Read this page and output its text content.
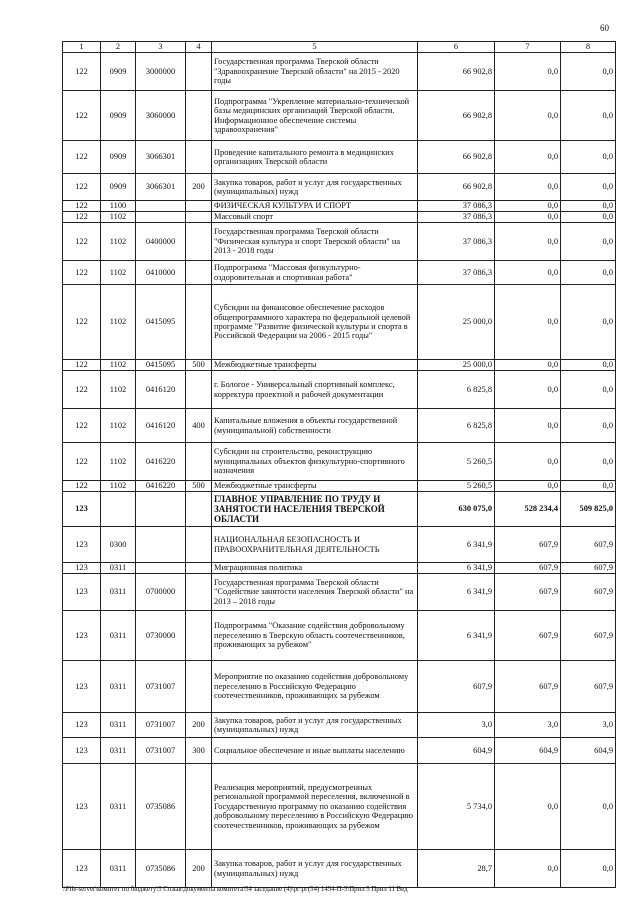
60
1	2	3	4	5	6	7	8
122	0909	3000000		Государственная программа Тверской области "Здравоохранение Тверской области" на 2015 - 2020 годы	66 902,8	0,0	0,0
122	0909	3060000		Подпрограмма "Укрепление материально-технической базы медицинских организаций Тверской области. Информационное обеспечение системы здравоохранения"	66 902,8	0,0	0,0
122	0909	3066301		Проведение капитального ремонта в медицинских организациях Тверской области	66 902,8	0,0	0,0
122	0909	3066301	200	Закупка товаров, работ и услуг для государственных (муниципальных) нужд	66 902,8	0,0	0,0
122	1100			ФИЗИЧЕСКАЯ КУЛЬТУРА И СПОРТ	37 086,3	0,0	0,0
122	1102			Массовый спорт	37 086,3	0,0	0,0
122	1102	0400000		Государственная программа Тверской области "Физическая культура и спорт Тверской области" на 2013 - 2018 годы	37 086,3	0,0	0,0
122	1102	0410000		Подпрограмма "Массовая физкультурно-оздоровительная и спортивная работа"	37 086,3	0,0	0,0
122	1102	0415095		Субсидии на финансовое обеспечение расходов общепрограммного характера по федеральной целевой программе "Развитие физической культуры и спорта в Российской Федерации на 2006 - 2015 годы"	25 000,0	0,0	0,0
122	1102	0415095	500	Межбюджетные трансферты	25 000,0	0,0	0,0
122	1102	0416120		г. Бологое - Универсальный спортивный комплекс, корректура проектной и рабочей документации	6 825,8	0,0	0,0
122	1102	0416120	400	Капитальные вложения в объекты государственной (муниципальной) собственности	6 825,8	0,0	0,0
122	1102	0416220		Субсидии на строительство, реконструкцию муниципальных объектов физкультурно-спортивного назначения	5 260,5	0,0	0,0
122	1102	0416220	500	Межбюджетные трансферты	5 260,5	0,0	0,0
123				ГЛАВНОЕ УПРАВЛЕНИЕ ПО ТРУДУ И ЗАНЯТОСТИ НАСЕЛЕНИЯ ТВЕРСКОЙ ОБЛАСТИ	630 075,0	528 234,4	509 825,0
123	0300			НАЦИОНАЛЬНАЯ БЕЗОПАСНОСТЬ И ПРАВООХРАНИТЕЛЬНАЯ ДЕЯТЕЛЬНОСТЬ	6 341,9	607,9	607,9
123	0311			Миграционная политика	6 341,9	607,9	607,9
123	0311	0700000		Государственная программа Тверской области "Содействие занятости населения Тверской области" на 2013 – 2018 годы	6 341,9	607,9	607,9
123	0311	0730000		Подпрограмма "Оказание содействия добровольному переселению в Тверскую область соотечественников, проживающих за рубежом"	6 341,9	607,9	607,9
123	0311	0731007		Мероприятие по оказанию содействия добровольному переселению в Российскую Федерацию соотечественников, проживающих за рубежом	607,9	607,9	607,9
123	0311	0731007	200	Закупка товаров, работ и услуг для государственных (муниципальных) нужд	3,0	3,0	3,0
123	0311	0731007	300	Социальное обеспечение и иные выплаты населению	604,9	604,9	604,9
123	0311	0735086		Реализация мероприятий, предусмотренных региональной программой переселения, включенной в Государственную программу по оказанию содействия добровольному переселению в Российскую Федерацию соотечественников, проживающих за рубежом	5 734,0	0,0	0,0
123	0311	0735086	200	Закупка товаров, работ и услуг для государственных (муниципальных) нужд	28,7	0,0	0,0
\\File-server\комитет по бюджету\5 Созыв\документы комитета\54 заседание (4)\рг\рг(54) 1454-П-5\Прил 5 Прил 11 Вед
